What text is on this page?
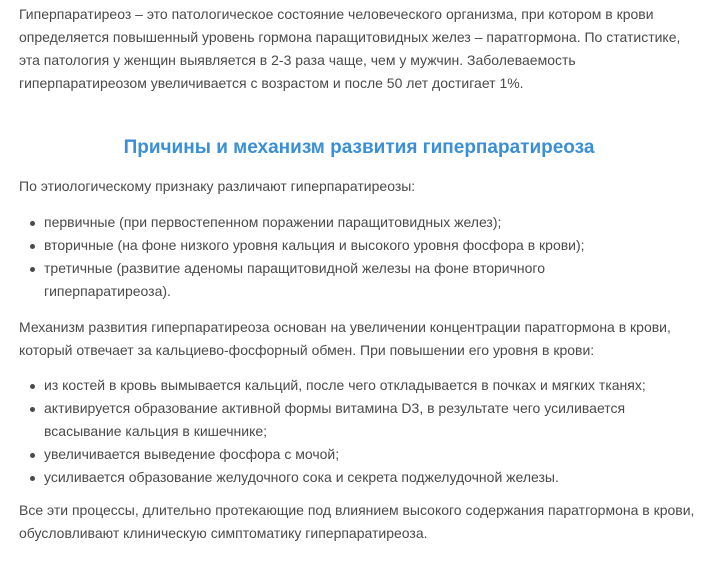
Гиперпаратиреоз – это патологическое состояние человеческого организма, при котором в крови определяется повышенный уровень гормона паращитовидных желез – паратгормона. По статистике, эта патология у женщин выявляется в 2-3 раза чаще, чем у мужчин. Заболеваемость гиперпаратиреозом увеличивается с возрастом и после 50 лет достигает 1%.

Причины и механизм развития гиперпаратиреоза

По этиологическому признаку различают гиперпаратиреозы:

первичные (при первостепенном поражении паращитовидных желез);
вторичные (на фоне низкого уровня кальция и высокого уровня фосфора в крови);
третичные (развитие аденомы паращитовидной железы на фоне вторичного гиперпаратиреоза).

Механизм развития гиперпаратиреоза основан на увеличении концентрации паратгормона в крови, который отвечает за кальциево-фосфорный обмен. При повышении его уровня в крови:

из костей в кровь вымывается кальций, после чего откладывается в почках и мягких тканях;
активируется образование активной формы витамина D3, в результате чего усиливается всасывание кальция в кишечнике;
увеличивается выведение фосфора с мочой;
усиливается образование желудочного сока и секрета поджелудочной железы.

Все эти процессы, длительно протекающие под влиянием высокого содержания паратгормона в крови, обусловливают клиническую симптоматику гиперпаратиреоза.
